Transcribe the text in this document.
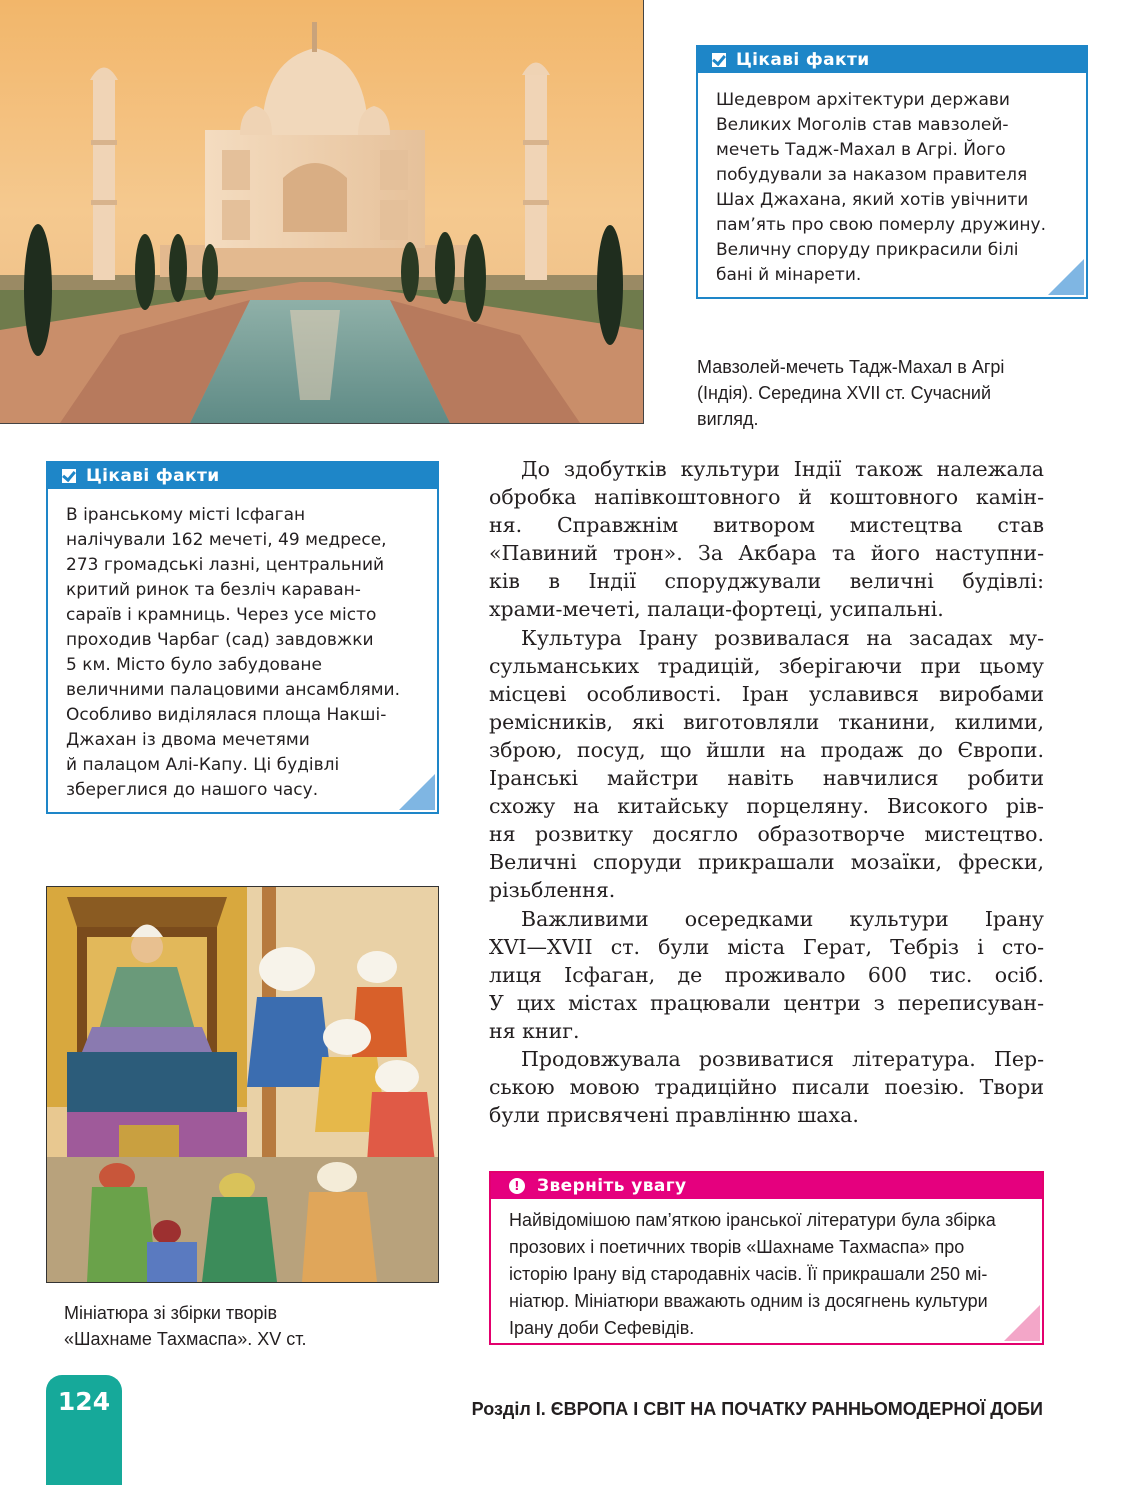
Цікаві факти
Шедевром архітектури держави
Великих Моголів став мавзолей-
мечеть Тадж-Махал в Агрі. Його
побудували за наказом правителя
Шах Джахана, який хотів увічнити
пам’ять про свою померлу дружину.
Величну споруду прикрасили білі
бані й мінарети.
Мавзолей-мечеть Тадж-Махал в Агрі
(Індія). Середина XVII ст. Сучасний
вигляд.
Цікаві факти
В іранському місті Ісфаган
налічували 162 мечеті, 49 медресе,
273 громадські лазні, центральний
критий ринок та безліч каравaн-
сараїв і крамниць. Через усе місто
проходив Чарбаг (сад) завдовжки
5 км. Місто було забудоване
величними палацовими ансамблями.
Особливо виділялася площа Накші-
Джахан із двома мечетями
й палацом Алі-Капу. Ці будівлі
збереглися до нашого часу.
До здобутків культури Індії також належала
обробка напівкоштовного й коштовного камін-
ня. Справжнім витвором мистецтва став
«Павиний трон». За Акбара та його наступни-
ків в Індії споруджували величні будівлі:
храми-мечеті, палаци-фортеці, усипальні.
Культура Ірану розвивалася на засадах му-
сульманських традицій, зберігаючи при цьому
місцеві особливості. Іран уславився виробами
ремісників, які виготовляли тканини, килими,
зброю, посуд, що йшли на продаж до Європи.
Іранські майстри навіть навчилися робити
схожу на китайську порцеляну. Високого рів-
ня розвитку досягло образотворче мистецтво.
Величні споруди прикрашали мозаїки, фрески,
різьблення.
Важливими осередками культури Ірану
XVI—XVII ст. були міста Герат, Тебріз і сто-
лиця Ісфаган, де проживало 600 тис. осіб.
У цих містах працювали центри з переписуван-
ня книг.
Продовжувала розвиватися література. Пер-
ською мовою традиційно писали поезію. Твори
були присвячені правлінню шаха.
Мініатюра зі збірки творів
«Шахнаме Тахмаспа». XV ст.
! Зверніть увагу
Найвідомішою пам’яткою іранської літератури була збірка
прозових і поетичних творів «Шахнаме Тахмаспа» про
історію Ірану від стародавніх часів. Її прикрашали 250 мі-
ніатюр. Мініатюри вважають одним із досягнень культури
Ірану доби Сефевідів.
124	Розділ І. ЄВРОПА І СВІТ НА ПОЧАТКУ РАННЬОМОДЕРНОЇ ДОБИ
